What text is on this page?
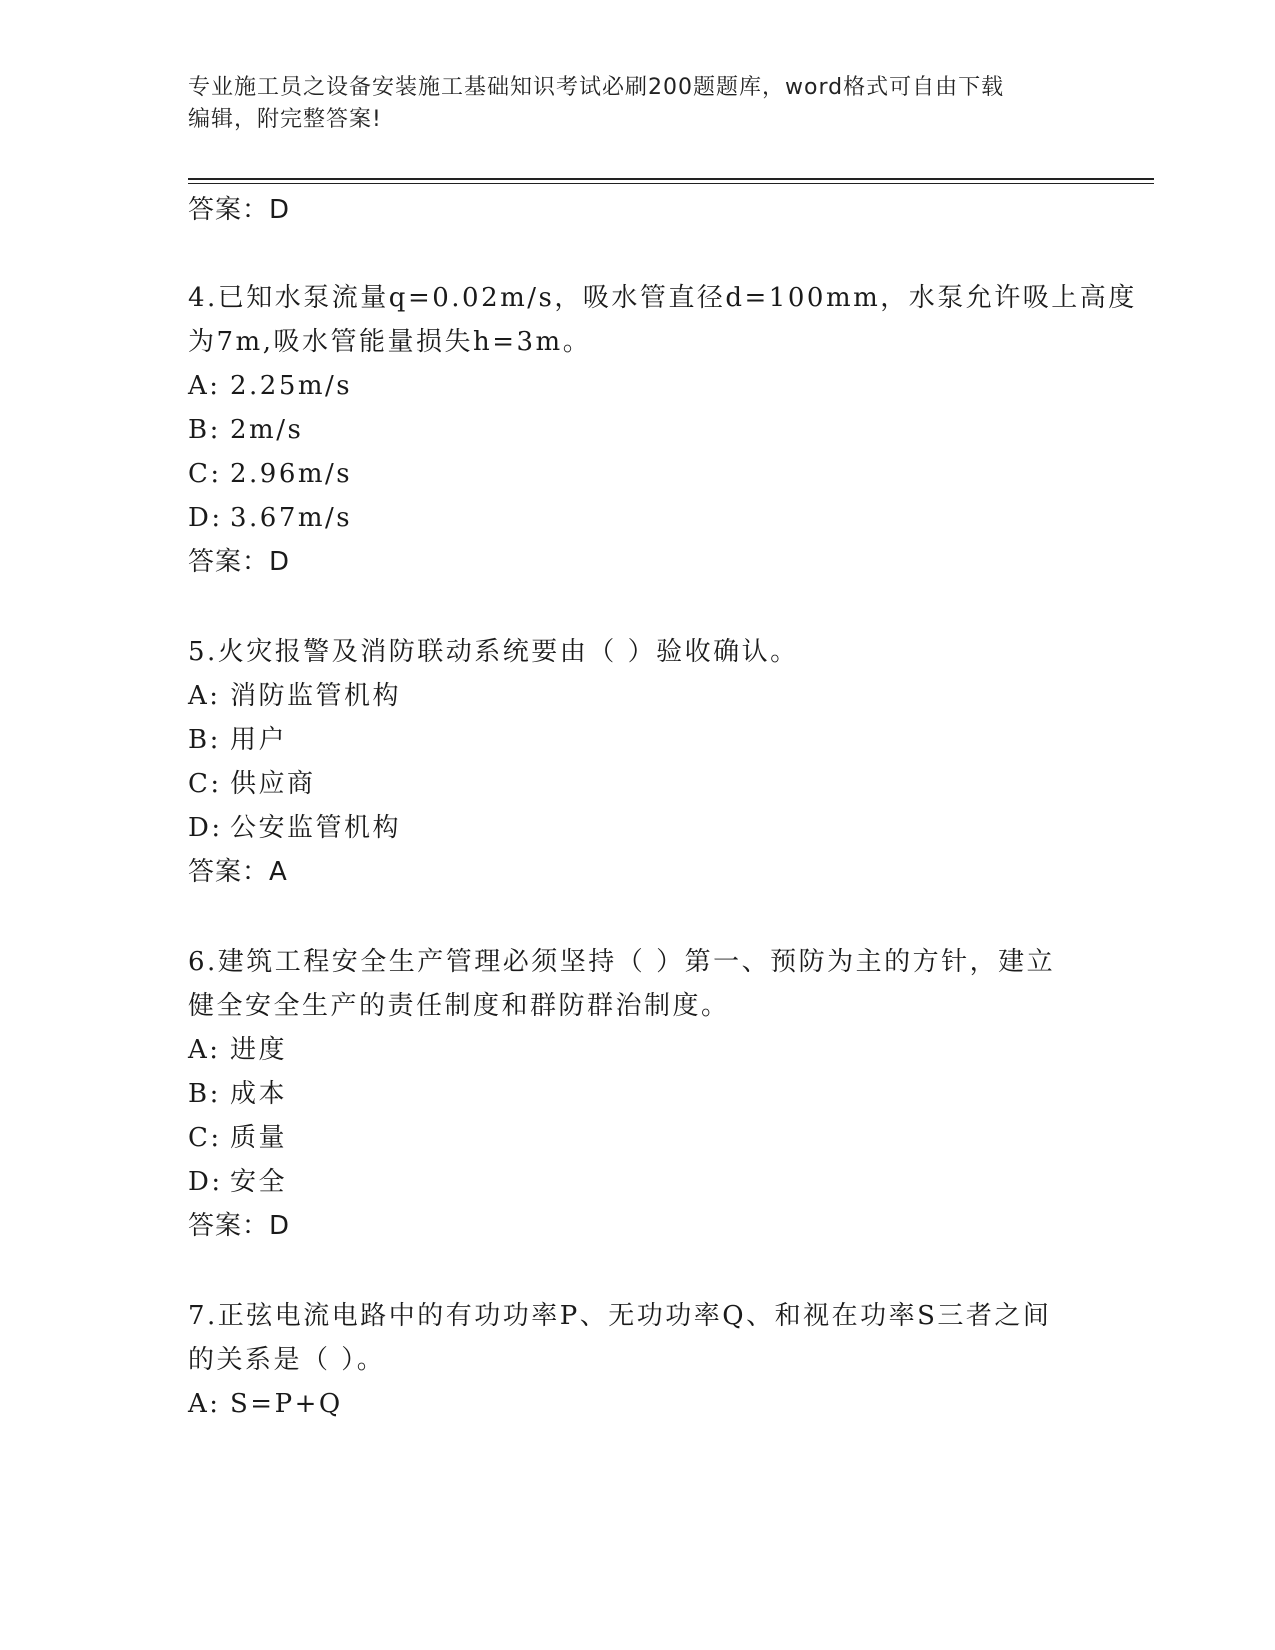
专业施工员之设备安装施工基础知识考试必刷200题题库，word格式可自由下载
编辑，附完整答案!
答案：D
4.已知水泵流量q=0.02m/s，吸水管直径d=100mm，水泵允许吸上高度
为7m,吸水管能量损失h=3m。
A: 2.25m/s
B: 2m/s
C: 2.96m/s
D: 3.67m/s
答案：D
5.火灾报警及消防联动系统要由（ ）验收确认。
A: 消防监管机构
B: 用户
C: 供应商
D: 公安监管机构
答案：A
6.建筑工程安全生产管理必须坚持（ ）第一、预防为主的方针，建立
健全安全生产的责任制度和群防群治制度。
A: 进度
B: 成本
C: 质量
D: 安全
答案：D
7.正弦电流电路中的有功功率P、无功功率Q、和视在功率S三者之间
的关系是（ ）。
A: S=P+Q
